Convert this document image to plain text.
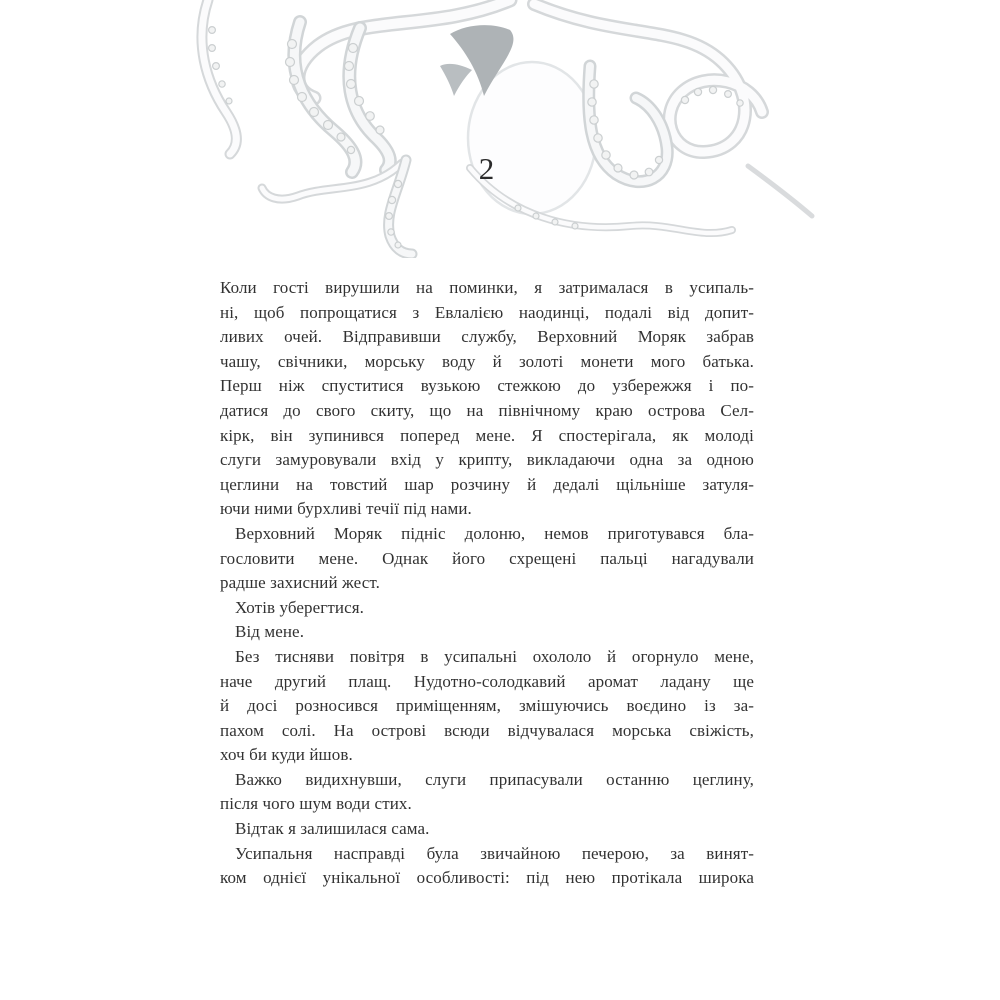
2
Коли гості вирушили на поминки, я затрималася в усипаль-
ні, щоб попрощатися з Евлалією наодинці, подалі від допит-
ливих очей. Відправивши службу, Верховний Моряк забрав
чашу, свічники, морську воду й золоті монети мого батька.
Перш ніж спуститися вузькою стежкою до узбережжя і по-
датися до свого скиту, що на північному краю острова Сел-
кірк, він зупинився поперед мене. Я спостерігала, як молоді
слуги замуровували вхід у крипту, викладаючи одна за одною
цеглини на товстий шар розчину й дедалі щільніше затуля-
ючи ними бурхливі течії під нами.
Верховний Моряк підніс долоню, немов приготувався бла-
гословити мене. Однак його схрещені пальці нагадували
радше захисний жест.
Хотів уберегтися.
Від мене.
Без тисняви повітря в усипальні охололо й огорнуло мене,
наче другий плащ. Нудотно-солодкавий аромат ладану ще
й досі розносився приміщенням, змішуючись воєдино із за-
пахом солі. На острові всюди відчувалася морська свіжість,
хоч би куди йшов.
Важко видихнувши, слуги припасували останню цеглину,
після чого шум води стих.
Відтак я залишилася сама.
Усипальня насправді була звичайною печерою, за винят-
ком однієї унікальної особливості: під нею протікала широка
